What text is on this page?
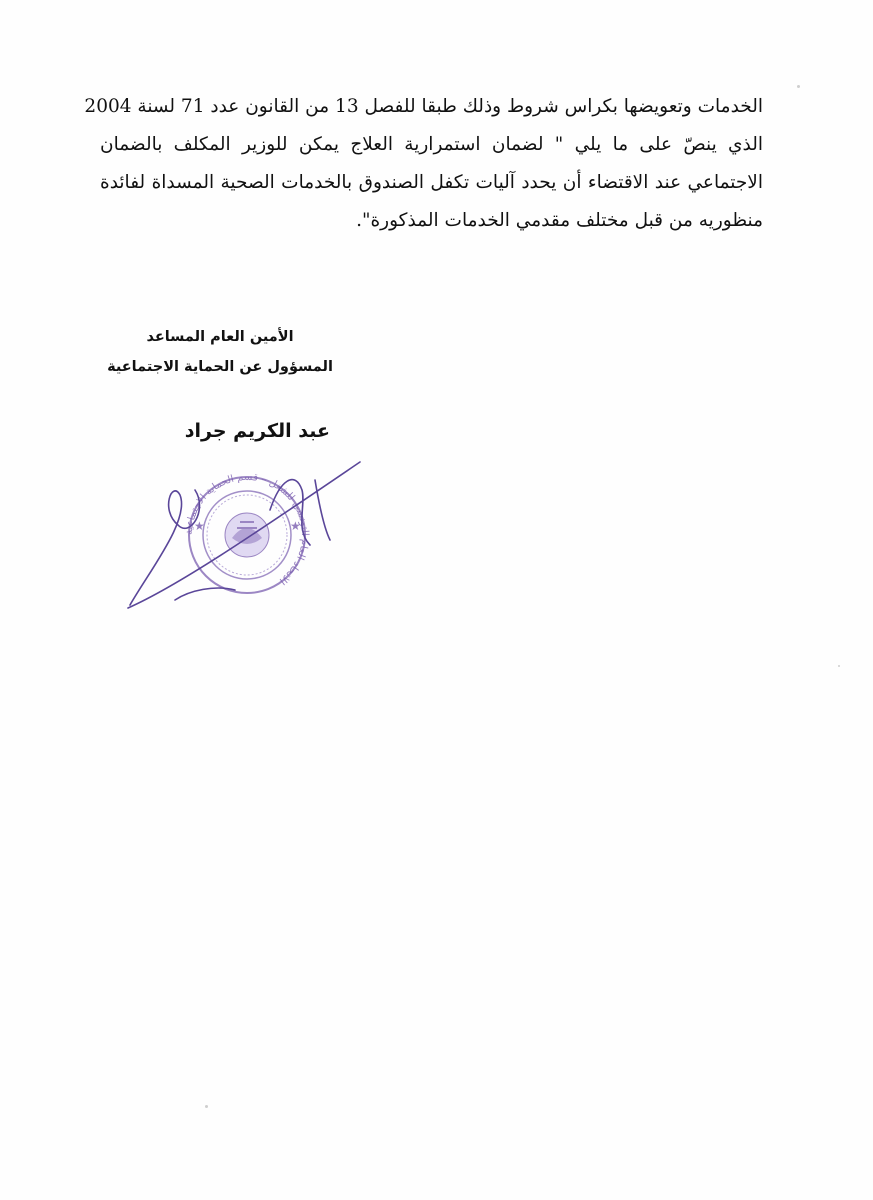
الخدمات وتعويضها بكراس شروط وذلك طبقا للفصل 13 من القانون عدد 71 لسنة 2004
الذي ينصّ على ما يلي " لضمان استمرارية العلاج يمكن للوزير المكلف بالضمان
الاجتماعي عند الاقتضاء أن يحدد آليات تكفل الصندوق بالخدمات الصحية المسداة لفائدة
منظوريه من قبل مختلف مقدمي الخدمات المذكورة".
الأمين العام المساعد
المسؤول عن الحماية الاجتماعية
عبد الكريم جراد
الاتحاد العام التونسي للشغل – قسم الحماية الاجتماعية
★	★
